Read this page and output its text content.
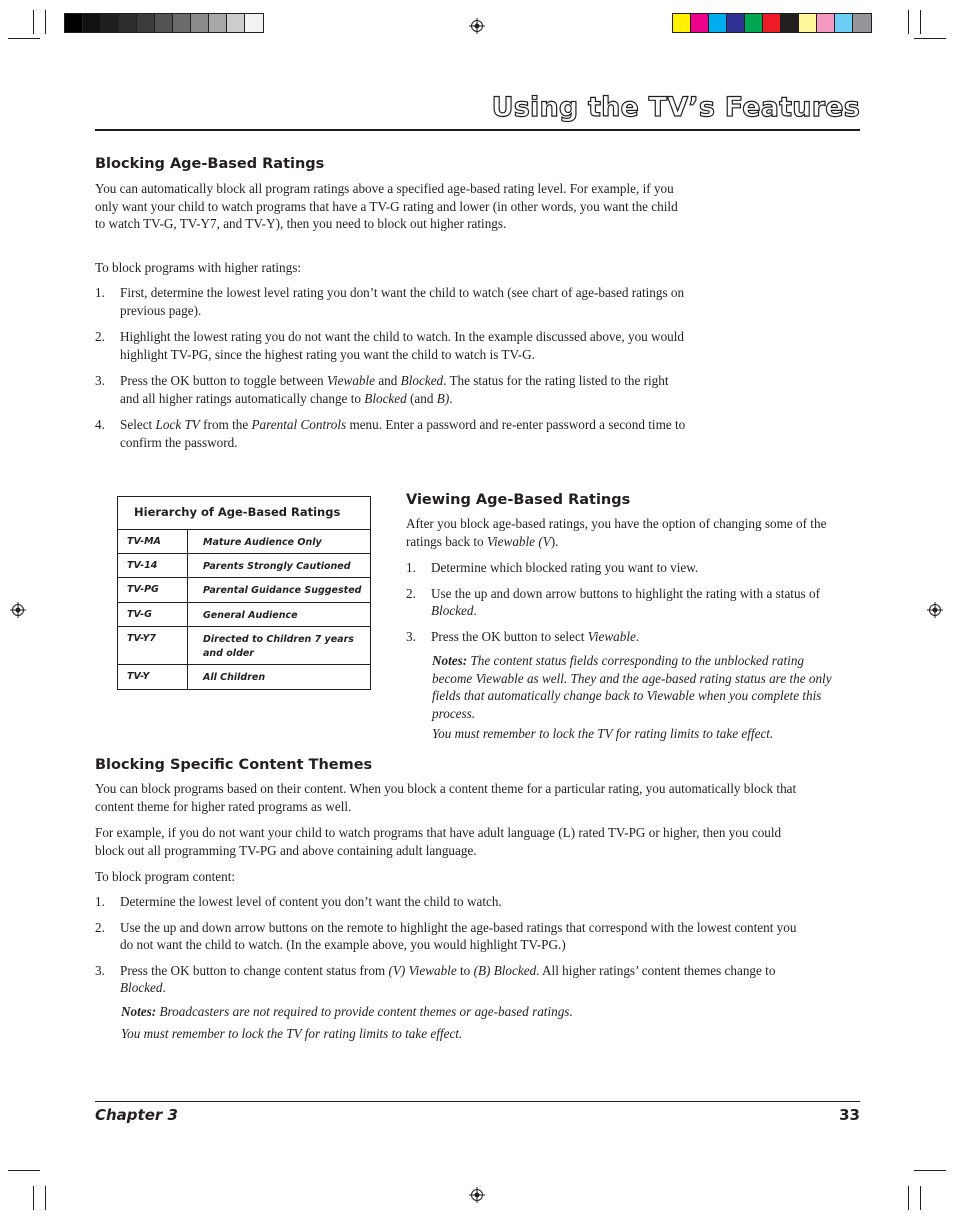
Using the TV’s Features
Blocking Age-Based Ratings

You can automatically block all program ratings above a specified age-based rating level. For example, if you only want your child to watch programs that have a TV-G rating and lower (in other words, you want the child to watch TV-G, TV-Y7, and TV-Y), then you need to block out higher ratings.

To block programs with higher ratings:
1. First, determine the lowest level rating you don’t want the child to watch (see chart of age-based ratings on previous page).
2. Highlight the lowest rating you do not want the child to watch. In the example discussed above, you would highlight TV-PG, since the highest rating you want the child to watch is TV-G.
3. Press the OK button to toggle between Viewable and Blocked. The status for the rating listed to the right and all higher ratings automatically change to Blocked (and B).
4. Select Lock TV from the Parental Controls menu. Enter a password and re-enter password a second time to confirm the password.
Hierarchy of Age-Based Ratings
TV-MA	Mature Audience Only
TV-14	Parents Strongly Cautioned
TV-PG	Parental Guidance Suggested
TV-G	General Audience
TV-Y7	Directed to Children 7 years and older
TV-Y	All Children
Viewing Age-Based Ratings
After you block age-based ratings, you have the option of changing some of the ratings back to Viewable (V).
1. Determine which blocked rating you want to view.
2. Use the up and down arrow buttons to highlight the rating with a status of Blocked.
3. Press the OK button to select Viewable.
Notes: The content status fields corresponding to the unblocked rating become Viewable as well. They and the age-based rating status are the only fields that automatically change back to Viewable when you complete this process.
You must remember to lock the TV for rating limits to take effect.
Blocking Specific Content Themes
You can block programs based on their content. When you block a content theme for a particular rating, you automatically block that content theme for higher rated programs as well.
For example, if you do not want your child to watch programs that have adult language (L) rated TV-PG or higher, then you could block out all programming TV-PG and above containing adult language.
To block program content:
1. Determine the lowest level of content you don’t want the child to watch.
2. Use the up and down arrow buttons on the remote to highlight the age-based ratings that correspond with the lowest content you do not want the child to watch. (In the example above, you would highlight TV-PG.)
3. Press the OK button to change content status from (V) Viewable to (B) Blocked. All higher ratings’ content themes change to Blocked.
Notes: Broadcasters are not required to provide content themes or age-based ratings.
You must remember to lock the TV for rating limits to take effect.
Chapter 3	33
